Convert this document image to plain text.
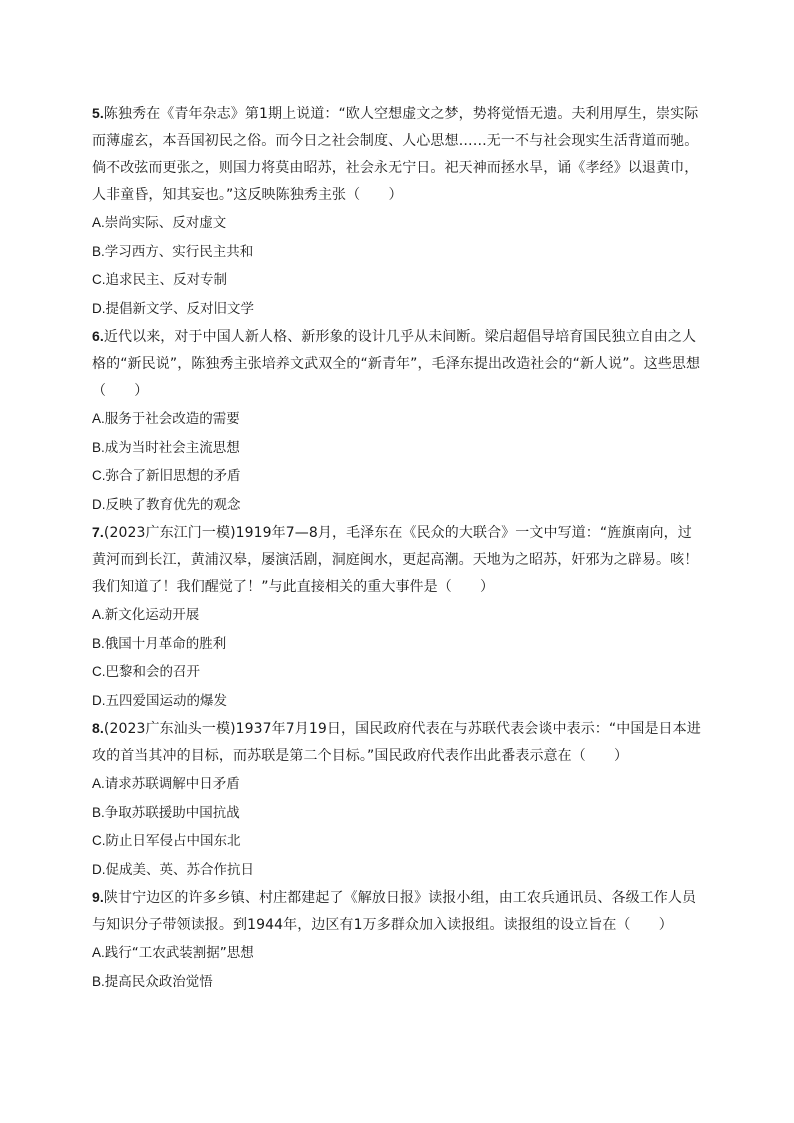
5.陈独秀在《青年杂志》第1期上说道：“欧人空想虚文之梦，势将觉悟无遗。夫利用厚生，崇实际而薄虚玄，本吾国初民之俗。而今日之社会制度、人心思想……无一不与社会现实生活背道而驰。倘不改弦而更张之，则国力将莫由昭苏，社会永无宁日。祀天神而拯水旱，诵《孝经》以退黄巾，人非童昏，知其妄也。”这反映陈独秀主张（　　）

A.崇尚实际、反对虚文

B.学习西方、实行民主共和

C.追求民主、反对专制

D.提倡新文学、反对旧文学

6.近代以来，对于中国人新人格、新形象的设计几乎从未间断。梁启超倡导培育国民独立自由之人格的“新民说”，陈独秀主张培养文武双全的“新青年”，毛泽东提出改造社会的“新人说”。这些思想（　　）

A.服务于社会改造的需要

B.成为当时社会主流思想

C.弥合了新旧思想的矛盾

D.反映了教育优先的观念

7.(2023广东江门一模)1919年7—8月，毛泽东在《民众的大联合》一文中写道：“旌旗南向，过黄河而到长江，黄浦汉皋，屡演活剧，洞庭闽水，更起高潮。天地为之昭苏，奸邪为之辟易。咳！我们知道了！我们醒觉了！”与此直接相关的重大事件是（　　）

A.新文化运动开展

B.俄国十月革命的胜利

C.巴黎和会的召开

D.五四爱国运动的爆发

8.(2023广东汕头一模)1937年7月19日，国民政府代表在与苏联代表会谈中表示：“中国是日本进攻的首当其冲的目标，而苏联是第二个目标。”国民政府代表作出此番表示意在（　　）

A.请求苏联调解中日矛盾

B.争取苏联援助中国抗战

C.防止日军侵占中国东北

D.促成美、英、苏合作抗日

9.陕甘宁边区的许多乡镇、村庄都建起了《解放日报》读报小组，由工农兵通讯员、各级工作人员与知识分子带领读报。到1944年，边区有1万多群众加入读报组。读报组的设立旨在（　　）

A.践行“工农武装割据”思想

B.提高民众政治觉悟
